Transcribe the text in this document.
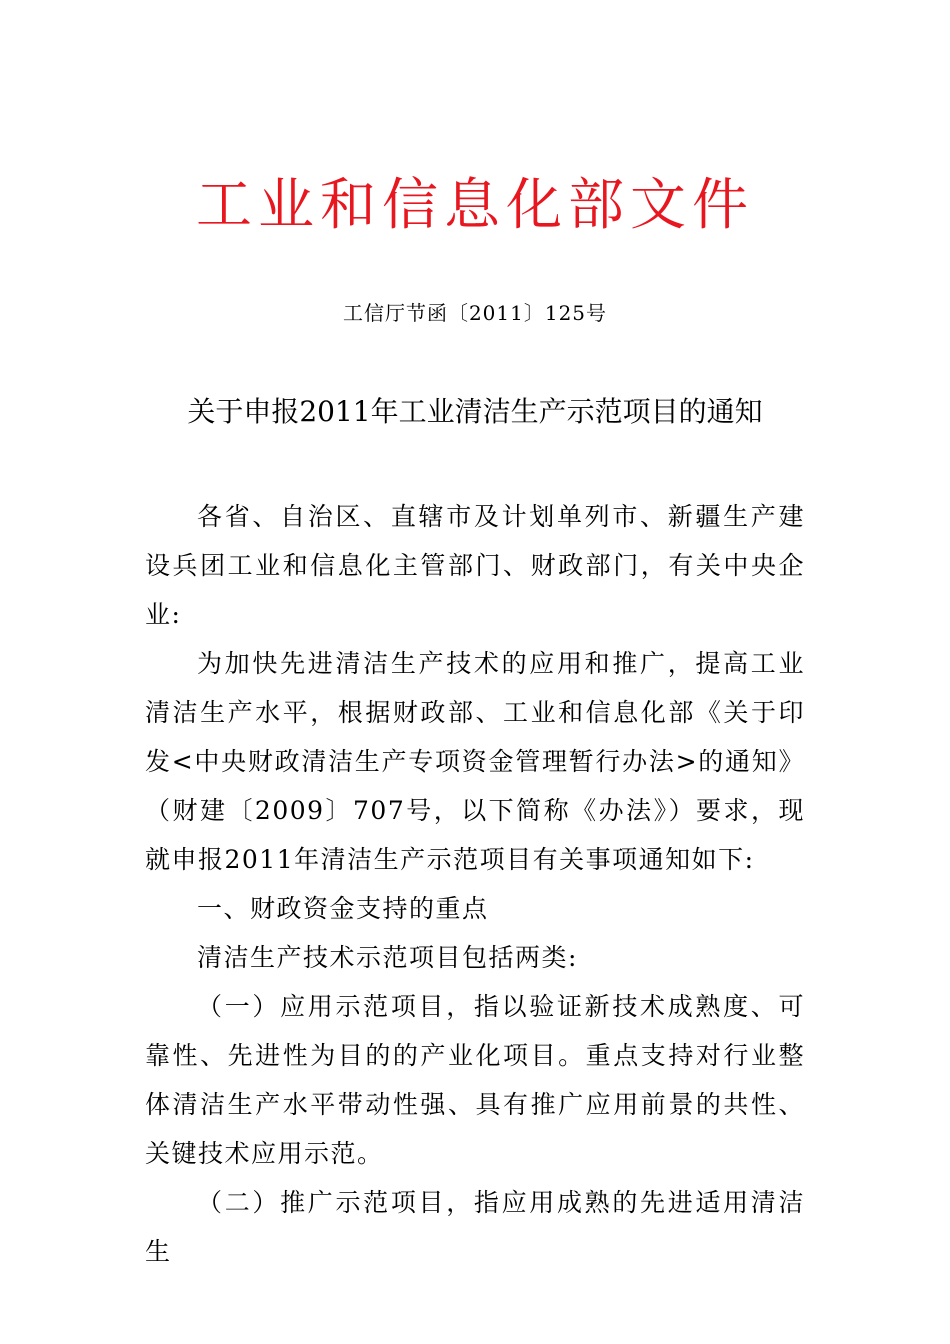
工业和信息化部文件
工信厅节函〔2011〕125号
关于申报2011年工业清洁生产示范项目的通知

各省、自治区、直辖市及计划单列市、新疆生产建设兵团工业和信息化主管部门、财政部门，有关中央企业:

为加快先进清洁生产技术的应用和推广，提高工业清洁生产水平，根据财政部、工业和信息化部《关于印发<中央财政清洁生产专项资金管理暂行办法>的通知》（财建〔2009〕707号，以下简称《办法》）要求，现就申报2011年清洁生产示范项目有关事项通知如下:

一、财政资金支持的重点

清洁生产技术示范项目包括两类:

（一）应用示范项目，指以验证新技术成熟度、可靠性、先进性为目的的产业化项目。重点支持对行业整体清洁生产水平带动性强、具有推广应用前景的共性、关键技术应用示范。

（二）推广示范项目，指应用成熟的先进适用清洁生
